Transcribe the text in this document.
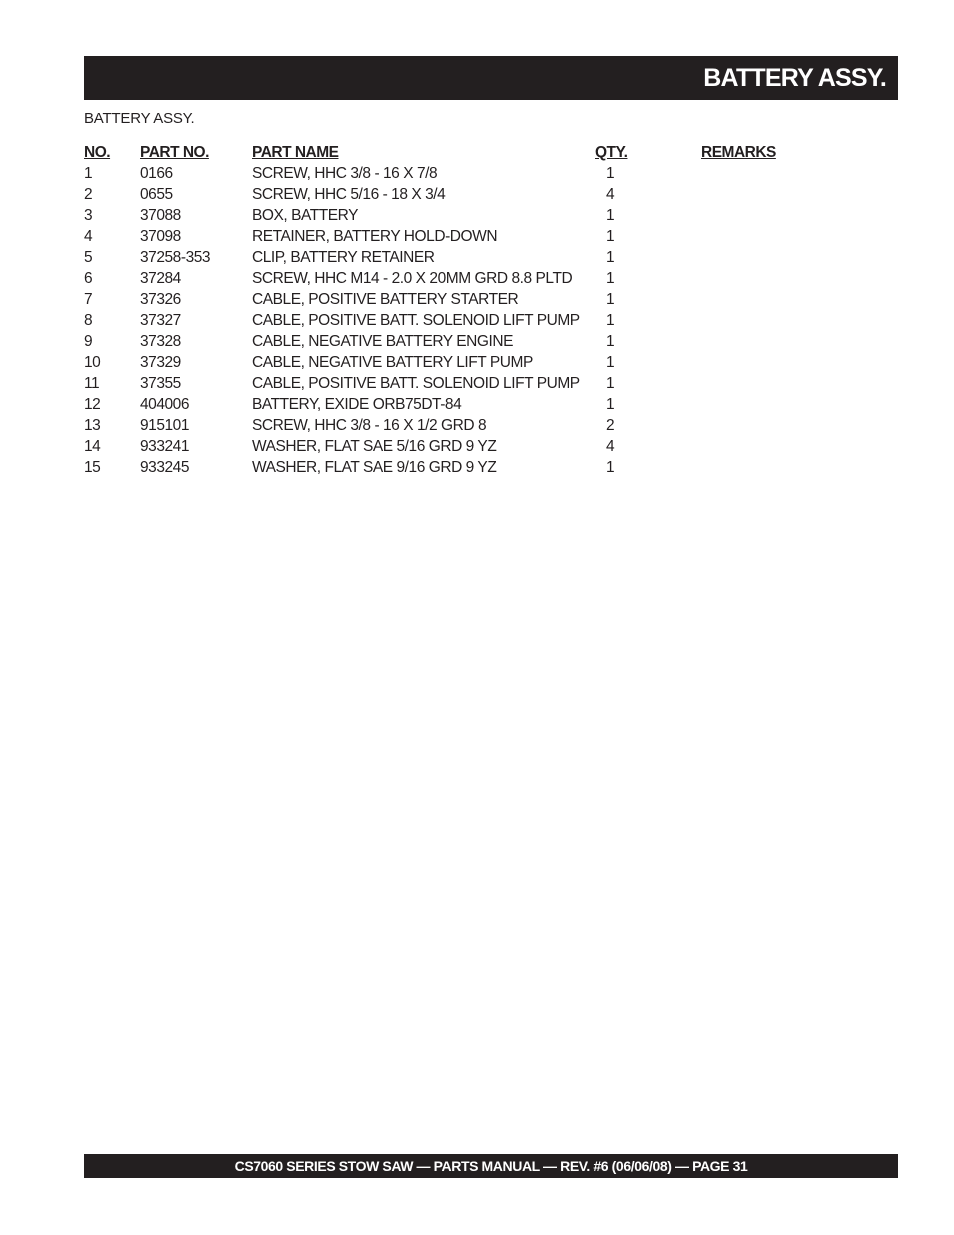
BATTERY ASSY.
BATTERY ASSY.
NO. PART NO.	PART NAME	QTY.	REMARKS
1	0166	SCREW, HHC 3/8 - 16 X 7/8	1
2	0655	SCREW, HHC 5/16 - 18 X 3/4	4
3	37088	BOX, BATTERY	1
4	37098	RETAINER, BATTERY HOLD-DOWN	1
5	37258-353	CLIP, BATTERY RETAINER	1
6	37284	SCREW, HHC M14 - 2.0 X 20MM GRD 8.8 PLTD 1
7	37326	CABLE, POSITIVE BATTERY STARTER	1
8	37327	CABLE, POSITIVE BATT. SOLENOID LIFT PUMP 1
9	37328	CABLE, NEGATIVE BATTERY ENGINE	1
10	37329	CABLE, NEGATIVE BATTERY LIFT PUMP	1
11	37355	CABLE, POSITIVE BATT. SOLENOID LIFT PUMP 1
12	404006	BATTERY, EXIDE ORB75DT-84	1
13	915101	SCREW, HHC 3/8 - 16 X 1/2 GRD 8	2
14	933241	WASHER, FLAT SAE 5/16 GRD 9 YZ	4
15	933245	WASHER, FLAT SAE 9/16 GRD 9 YZ	1
CS7060 SERIES STOW SAW — PARTS MANUAL — REV. #6 (06/06/08) — PAGE 31
